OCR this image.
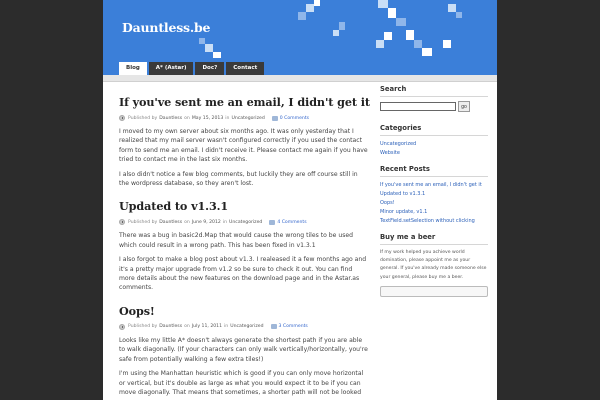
Dauntless.be
Blog	A* (Astar)	Doc?	Contact
If you've sent me an email, I didn't get it
Published by Dauntless on May 15, 2013 in Uncategorized	0 Comments

I moved to my own server about six months ago. It was only yesterday that I realized that my mail server wasn't configured correctly if you used the contact form to send me an email. I didn't receive it. Please contact me again if you have tried to contact me in the last six months.

I also didn't notice a few blog comments, but luckily they are off course still in the wordpress database, so they aren't lost.

Updated to v1.3.1
Published by Dauntless on June 9, 2012 in Uncategorized	4 Comments

There was a bug in basic2d.Map that would cause the wrong tiles to be used which could result in a wrong path. This has been fixed in v1.3.1

I also forgot to make a blog post about v1.3. I realeased it a few months ago and it's a pretty major upgrade from v1.2 so be sure to check it out. You can find more details about the new features on the download page and in the Astar.as comments.

Oops!
Published by Dauntless on July 11, 2011 in Uncategorized	3 Comments

Looks like my little A* doesn't always generate the shortest path if you are able to walk diagonally. (If your characters can only walk vertically/horizontally, you're safe from potentially walking a few extra tiles!)

I'm using the Manhattan heuristic which is good if you can only move horizontal or vertical, but it's double as large as what you would expect it to be if you can move diagonally. That means that sometimes, a shorter path will not be looked

Search
go
Categories
Uncategorized
Website
Recent Posts
If you've sent me an email, I didn't get it
Updated to v1.3.1
Oops!
Minor update, v1.1
TextField.setSelection without clicking
Buy me a beer
If my work helped you achieve world domination, please appoint me as your general. If you've already made someone else your general, please buy me a beer.
